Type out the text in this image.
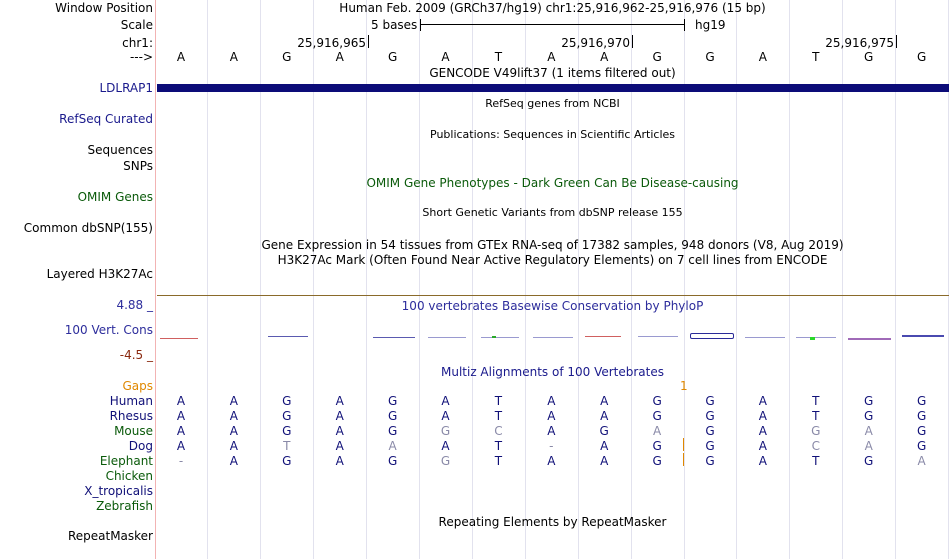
Window Position	Human Feb. 2009 (GRCh37/hg19) chr1:25,916,962-25,916,976 (15 bp)
Scale	5 bases	hg19
chr1:	25,916,965	25,916,970	25,916,975
--->	A	A	G	A	G	A	T	A	A	G	G	A	T	G	G
GENCODE V49lift37 (1 items filtered out)
LDLRAP1
RefSeq genes from NCBI
RefSeq Curated
Publications: Sequences in Scientific Articles
Sequences
SNPs
OMIM Gene Phenotypes - Dark Green Can Be Disease-causing
OMIM Genes
Short Genetic Variants from dbSNP release 155
Common dbSNP(155)
Gene Expression in 54 tissues from GTEx RNA-seq of 17382 samples, 948 donors (V8, Aug 2019)
H3K27Ac Mark (Often Found Near Active Regulatory Elements) on 7 cell lines from ENCODE
Layered H3K27Ac
100 vertebrates Basewise Conservation by PhyloP
4.88 _
100 Vert. Cons
-4.5 _
Multiz Alignments of 100 Vertebrates
Gaps	1
Human	A	A	G	A	G	A	T	A	A	G	G	A	T	G	G
Rhesus	A	A	G	A	G	A	T	A	A	G	G	A	T	G	G
Mouse	A	A	G	A	G	G	C	A	G	A	G	A	G	A	G
Dog	A	A	T	A	A	A	T	-	A	G	G	A	C	A	G
Elephant	-	A	G	A	G	G	T	A	A	G	G	A	T	G	A
Chicken
X_tropicalis
Zebrafish
Repeating Elements by RepeatMasker
RepeatMasker
